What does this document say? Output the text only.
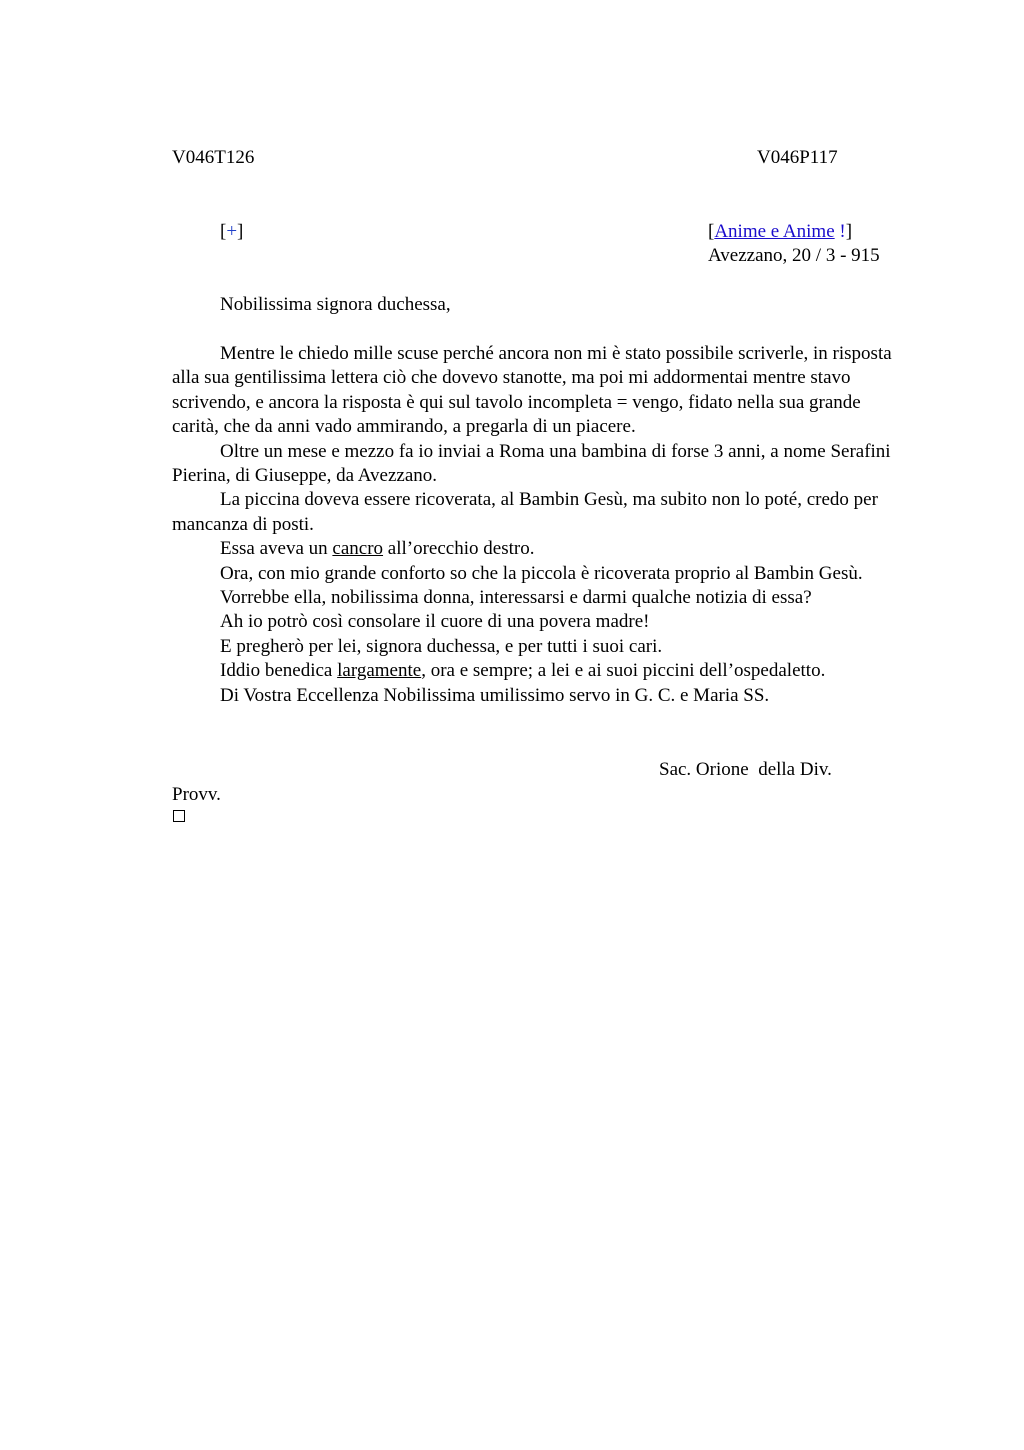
V046T126	V046P117
[+]	[Anime e Anime !]
Avezzano, 20 / 3 - 915
Nobilissima signora duchessa,

Mentre le chiedo mille scuse perché ancora non mi è stato possibile scriverle, in risposta alla sua gentilissima lettera ciò che dovevo stanotte, ma poi mi addormentai mentre stavo scrivendo, e ancora la risposta è qui sul tavolo incompleta = vengo, fidato nella sua grande carità, che da anni vado ammirando, a pregarla di un piacere.

Oltre un mese e mezzo fa io inviai a Roma una bambina di forse 3 anni, a nome Serafini Pierina, di Giuseppe, da Avezzano.

La piccina doveva essere ricoverata, al Bambin Gesù, ma subito non lo poté, credo per mancanza di posti.

Essa aveva un cancro all’orecchio destro.

Ora, con mio grande conforto so che la piccola è ricoverata proprio al Bambin Gesù.

Vorrebbe ella, nobilissima donna, interessarsi e darmi qualche notizia di essa?

Ah io potrò così consolare il cuore di una povera madre!

E pregherò per lei, signora duchessa, e per tutti i suoi cari.

Iddio benedica largamente, ora e sempre; a lei e ai suoi piccini dell’ospedaletto.

Di Vostra Eccellenza Nobilissima umilissimo servo in G. C. e Maria SS.

Sac. Orione  della Div.
Provv.
